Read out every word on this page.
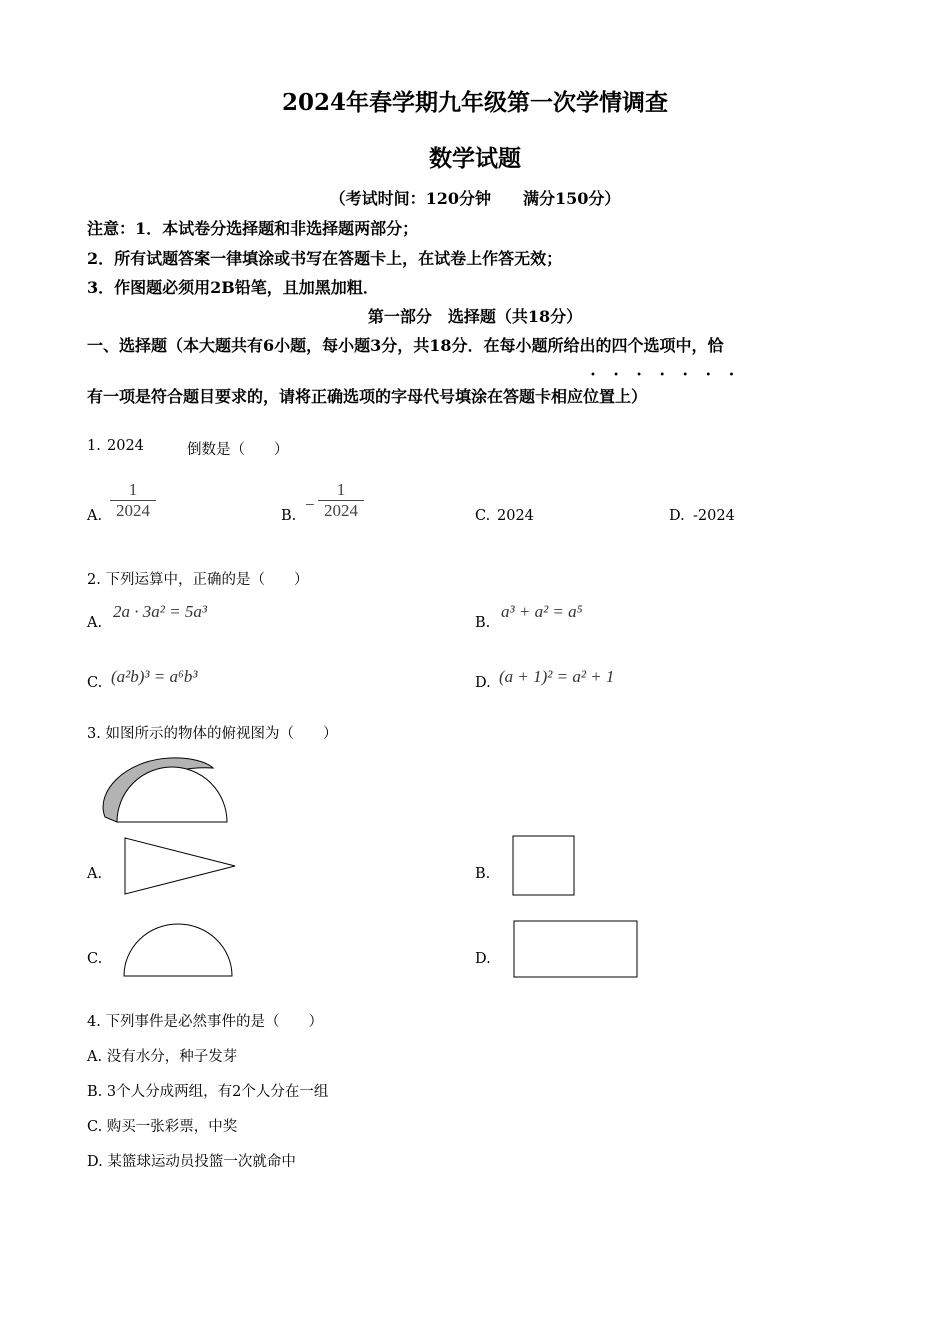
2024年春学期九年级第一次学情调查
数学试题
（考试时间：120分钟　　满分150分）
注意：1．本试卷分选择题和非选择题两部分；
2．所有试题答案一律填涂或书写在答题卡上，在试卷上作答无效；
3．作图题必须用2B铅笔，且加黑加粗．
第一部分　选择题（共18分）
一、选择题（本大题共有6小题，每小题3分，共18分．在每小题所给出的四个选项中，恰
• • • • • • •
有一项是符合题目要求的，请将正确选项的字母代号填涂在答题卡相应位置上）
1. 2024	倒数是（　　）
A.
1
2024	B.
−
1
2024	C. 2024	D. -2024
2. 下列运算中，正确的是（　　）
A.
2a · 3a² = 5a³
B.
a³ + a² = a⁵
C. (a²b)³ = a⁶b³	D. (a + 1)² = a² + 1
3. 如图所示的物体的俯视图为（　　）
A.	B.
C.	D.
4. 下列事件是必然事件的是（　　）
A. 没有水分，种子发芽
B. 3个人分成两组，有2个人分在一组
C. 购买一张彩票，中奖
D. 某篮球运动员投篮一次就命中
